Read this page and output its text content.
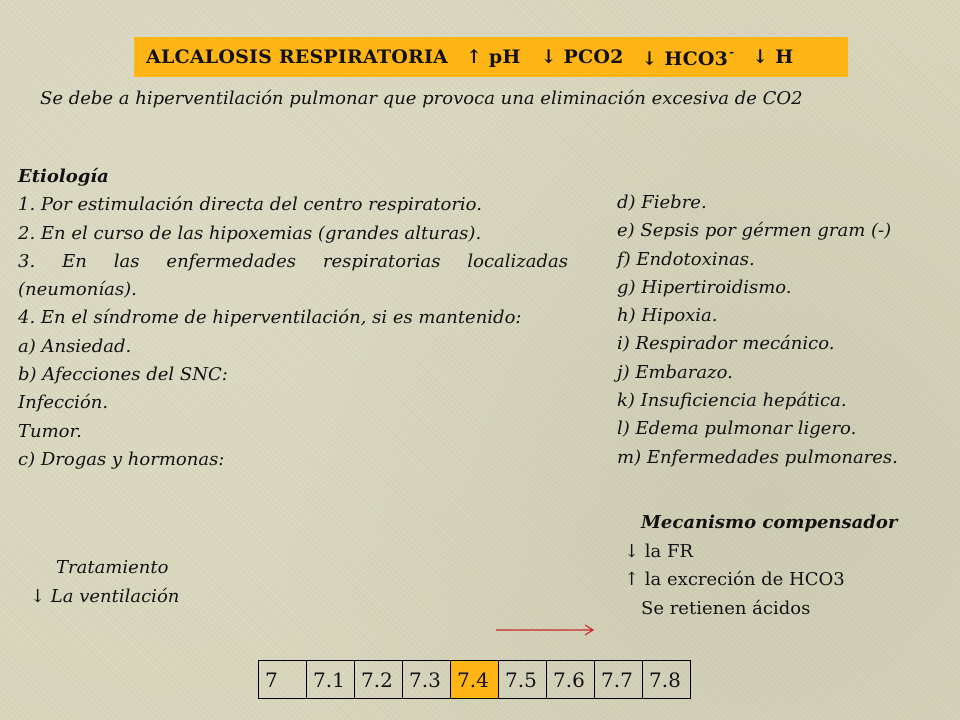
ALCALOSIS RESPIRATORIA ↑ pH ↓ PCO2 ↓ HCO3- ↓ H
Se debe a hiperventilación pulmonar que provoca una eliminación excesiva de CO2
Etiología
1. Por estimulación directa del centro respiratorio.
2. En el curso de las hipoxemias (grandes alturas).
3. En las enfermedades respiratorias localizadas (neumonías).
4. En el síndrome de hiperventilación, si es mantenido:
a) Ansiedad.
b) Afecciones del SNC:
Infección.
Tumor.
c) Drogas y hormonas:
d) Fiebre.
e) Sepsis por gérmen gram (-)
f) Endotoxinas.
g) Hipertiroidismo.
h) Hipoxia.
i) Respirador mecánico.
j) Embarazo.
k) Insuficiencia hepática.
l) Edema pulmonar ligero.
m) Enfermedades pulmonares.
Mecanismo compensador
↓ la FR
↑ la excreción de HCO3
Se retienen ácidos
Tratamiento
↓ La ventilación
7	7.1	7.2	7.3	7.4	7.5	7.6	7.7	7.8
